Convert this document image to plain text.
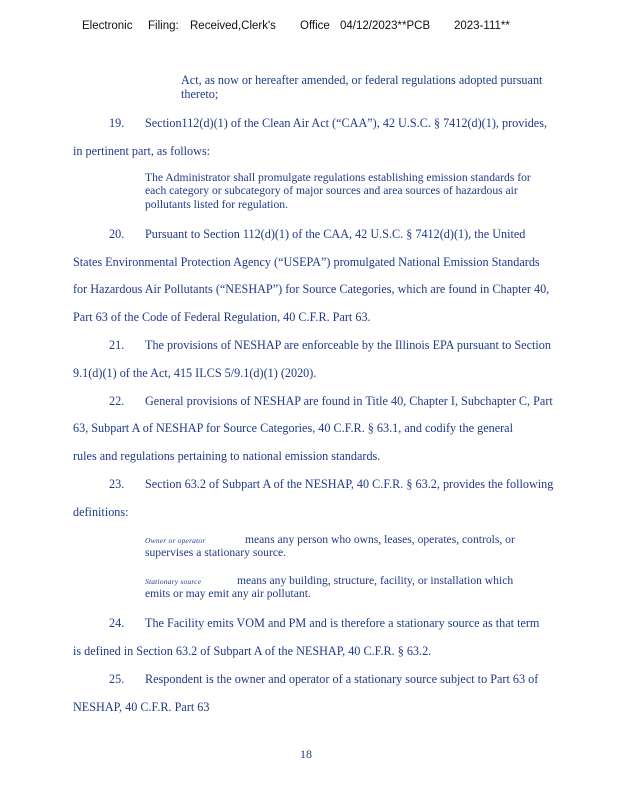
Electronic Filing: Received,Clerk's Office 04/12/2023**PCB 2023-111**
Act, as now or hereafter amended, or federal regulations adopted pursuant
thereto;
19. Section112(d)(1) of the Clean Air Act (“CAA”), 42 U.S.C. § 7412(d)(1), provides,
in pertinent part, as follows:
The Administrator shall promulgate regulations establishing emission standards for
each category or subcategory of major sources and area sources of hazardous air
pollutants listed for regulation.
20. Pursuant to Section 112(d)(1) of the CAA, 42 U.S.C. § 7412(d)(1), the United
States Environmental Protection Agency (“USEPA”) promulgated National Emission Standards
for Hazardous Air Pollutants (“NESHAP”) for Source Categories, which are found in Chapter 40,
Part 63 of the Code of Federal Regulation, 40 C.F.R. Part 63.
21. The provisions of NESHAP are enforceable by the Illinois EPA pursuant to Section
9.1(d)(1) of the Act, 415 ILCS 5/9.1(d)(1) (2020).
22. General provisions of NESHAP are found in Title 40, Chapter I, Subchapter C, Part
63, Subpart A of NESHAP for Source Categories, 40 C.F.R. § 63.1, and codify the general
rules and regulations pertaining to national emission standards.
23. Section 63.2 of Subpart A of the NESHAP, 40 C.F.R. § 63.2, provides the following
definitions:
Owner or operator	means any person who owns, leases, operates, controls, or
supervises a stationary source.
Stationary source	means any building, structure, facility, or installation which
emits or may emit any air pollutant.
24. The Facility emits VOM and PM and is therefore a stationary source as that term
is defined in Section 63.2 of Subpart A of the NESHAP, 40 C.F.R. § 63.2.
25. Respondent is the owner and operator of a stationary source subject to Part 63 of
NESHAP, 40 C.F.R. Part 63
18
